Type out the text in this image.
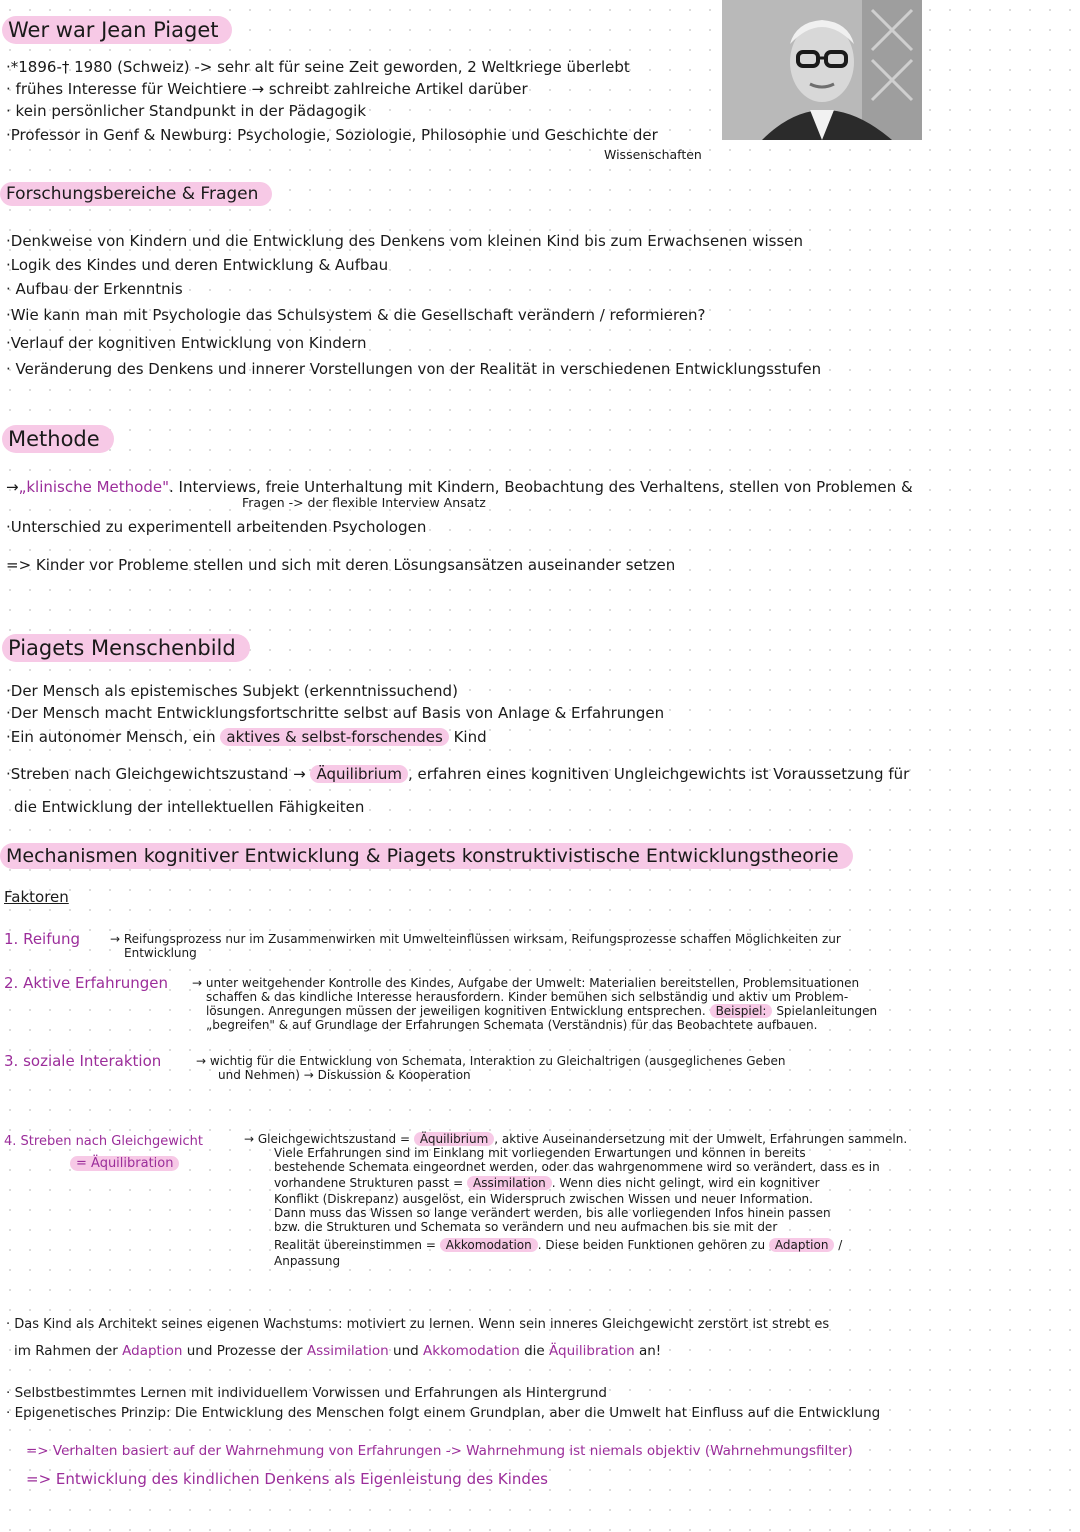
Wer war Jean Piaget
·*1896-† 1980 (Schweiz) -> sehr alt für seine Zeit geworden, 2 Weltkriege überlebt
· frühes Interesse für Weichtiere → schreibt zahlreiche Artikel darüber
· kein persönlicher Standpunkt in der Pädagogik
·Professor in Genf & Newburg: Psychologie, Soziologie, Philosophie und Geschichte der
Wissenschaften
Forschungsbereiche & Fragen
·Denkweise von Kindern und die Entwicklung des Denkens vom kleinen Kind bis zum Erwachsenen wissen
·Logik des Kindes und deren Entwicklung & Aufbau
· Aufbau der Erkenntnis
·Wie kann man mit Psychologie das Schulsystem & die Gesellschaft verändern / reformieren?
·Verlauf der kognitiven Entwicklung von Kindern
· Veränderung des Denkens und innerer Vorstellungen von der Realität in verschiedenen Entwicklungsstufen
Methode
→„klinische Methode". Interviews, freie Unterhaltung mit Kindern, Beobachtung des Verhaltens, stellen von Problemen &
Fragen -> der flexible Interview Ansatz
·Unterschied zu experimentell arbeitenden Psychologen
=> Kinder vor Probleme stellen und sich mit deren Lösungsansätzen auseinander setzen
Piagets Menschenbild
·Der Mensch als epistemisches Subjekt (erkenntnissuchend)
·Der Mensch macht Entwicklungsfortschritte selbst auf Basis von Anlage & Erfahrungen
·Ein autonomer Mensch, ein aktives & selbst-forschendes Kind
·Streben nach Gleichgewichtszustand → Äquilibrium , erfahren eines kognitiven Ungleichgewichts ist Voraussetzung für
die Entwicklung der intellektuellen Fähigkeiten
Mechanismen kognitiver Entwicklung & Piagets konstruktivistische Entwicklungstheorie
Faktoren
1. Reifung → Reifungsprozess nur im Zusammenwirken mit Umwelteinflüssen wirksam, Reifungsprozesse schaffen Möglichkeiten zur
Entwicklung
2. Aktive Erfahrungen → unter weitgehender Kontrolle des Kindes, Aufgabe der Umwelt: Materialien bereitstellen, Problemsituationen
schaffen & das kindliche Interesse herausfordern. Kinder bemühen sich selbständig und aktiv um Problem-
lösungen. Anregungen müssen der jeweiligen kognitiven Entwicklung entsprechen. Beispiel: Spielanleitungen
„begreifen" & auf Grundlage der Erfahrungen Schemata (Verständnis) für das Beobachtete aufbauen.
3. soziale Interaktion	→ wichtig für die Entwicklung von Schemata, Interaktion zu Gleichaltrigen (ausgeglichenes Geben
und Nehmen) → Diskussion & Kooperation
4. Streben nach Gleichgewicht
= Äquilibration
→ Gleichgewichtszustand = Äquilibrium , aktive Auseinandersetzung mit der Umwelt, Erfahrungen sammeln.
Viele Erfahrungen sind im Einklang mit vorliegenden Erwartungen und können in bereits
bestehende Schemata eingeordnet werden, oder das wahrgenommene wird so verändert, dass es in
vorhandene Strukturen passt = Assimilation . Wenn dies nicht gelingt, wird ein kognitiver
Konflikt (Diskrepanz) ausgelöst, ein Widerspruch zwischen Wissen und neuer Information.
Dann muss das Wissen so lange verändert werden, bis alle vorliegenden Infos hinein passen
bzw. die Strukturen und Schemata so verändern und neu aufmachen bis sie mit der
Realität übereinstimmen = Akkomodation . Diese beiden Funktionen gehören zu Adaption /
Anpassung
· Das Kind als Architekt seines eigenen Wachstums: motiviert zu lernen. Wenn sein inneres Gleichgewicht zerstört ist strebt es
im Rahmen der Adaption und Prozesse der Assimilation und Akkomodation die Äquilibration an!
· Selbstbestimmtes Lernen mit individuellem Vorwissen und Erfahrungen als Hintergrund
· Epigenetisches Prinzip: Die Entwicklung des Menschen folgt einem Grundplan, aber die Umwelt hat Einfluss auf die Entwicklung
=> Verhalten basiert auf der Wahrnehmung von Erfahrungen -> Wahrnehmung ist niemals objektiv (Wahrnehmungsfilter)
=> Entwicklung des kindlichen Denkens als Eigenleistung des Kindes
